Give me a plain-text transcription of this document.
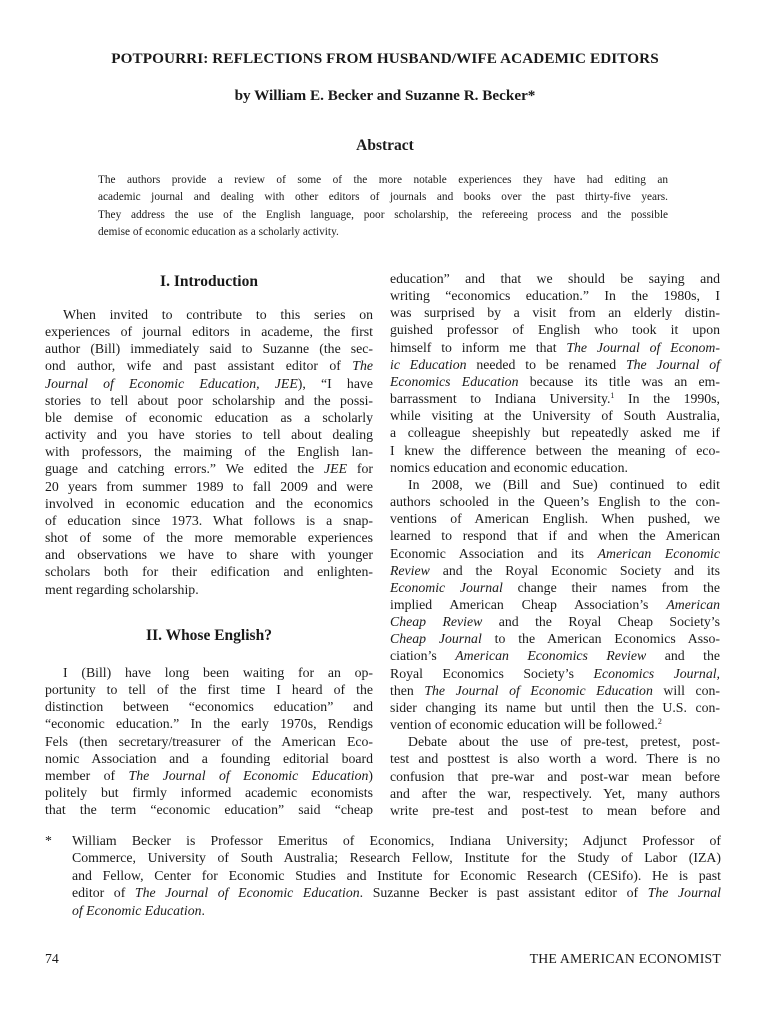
POTPOURRI: REFLECTIONS FROM HUSBAND/WIFE ACADEMIC EDITORS
by William E. Becker and Suzanne R. Becker*
Abstract
The authors provide a review of some of the more notable experiences they have had editing an
academic journal and dealing with other editors of journals and books over the past thirty-five years.
They address the use of the English language, poor scholarship, the refereeing process and the possible
demise of economic education as a scholarly activity.
I. Introduction
When invited to contribute to this series on
experiences of journal editors in academe, the first
author (Bill) immediately said to Suzanne (the sec-
ond author, wife and past assistant editor of The
Journal of Economic Education, JEE), “I have
stories to tell about poor scholarship and the possi-
ble demise of economic education as a scholarly
activity and you have stories to tell about dealing
with professors, the maiming of the English lan-
guage and catching errors.” We edited the JEE for
20 years from summer 1989 to fall 2009 and were
involved in economic education and the economics
of education since 1973. What follows is a snap-
shot of some of the more memorable experiences
and observations we have to share with younger
scholars both for their edification and enlighten-
ment regarding scholarship.
II. Whose English?
I (Bill) have long been waiting for an op-
portunity to tell of the first time I heard of the
distinction between “economics education” and
“economic education.” In the early 1970s, Rendigs
Fels (then secretary/treasurer of the American Eco-
nomic Association and a founding editorial board
member of The Journal of Economic Education)
politely but firmly informed academic economists
that the term “economic education” said “cheap
education” and that we should be saying and
writing “economics education.” In the 1980s, I
was surprised by a visit from an elderly distin-
guished professor of English who took it upon
himself to inform me that The Journal of Econom-
ic Education needed to be renamed The Journal of
Economics Education because its title was an em-
barrassment to Indiana University.$^1$ In the 1990s,
while visiting at the University of South Australia,
a colleague sheepishly but repeatedly asked me if
I knew the difference between the meaning of eco-
nomics education and economic education.
In 2008, we (Bill and Sue) continued to edit
authors schooled in the Queen’s English to the con-
ventions of American English. When pushed, we
learned to respond that if and when the American
Economic Association and its American Economic
Review and the Royal Economic Society and its
Economic Journal change their names from the
implied American Cheap Association’s American
Cheap Review and the Royal Cheap Society’s
Cheap Journal to the American Economics Asso-
ciation’s American Economics Review and the
Royal Economics Society’s Economics Journal,
then The Journal of Economic Education will con-
sider changing its name but until then the U.S. con-
vention of economic education will be followed.$^2$
Debate about the use of pre-test, pretest, post-
test and posttest is also worth a word. There is no
confusion that pre-war and post-war mean before
and after the war, respectively. Yet, many authors
write pre-test and post-test to mean before and
* William Becker is Professor Emeritus of Economics, Indiana University; Adjunct Professor of
Commerce, University of South Australia; Research Fellow, Institute for the Study of Labor (IZA)
and Fellow, Center for Economic Studies and Institute for Economic Research (CESifo). He is past
editor of The Journal of Economic Education. Suzanne Becker is past assistant editor of The Journal
of Economic Education.
74	THE AMERICAN ECONOMIST
